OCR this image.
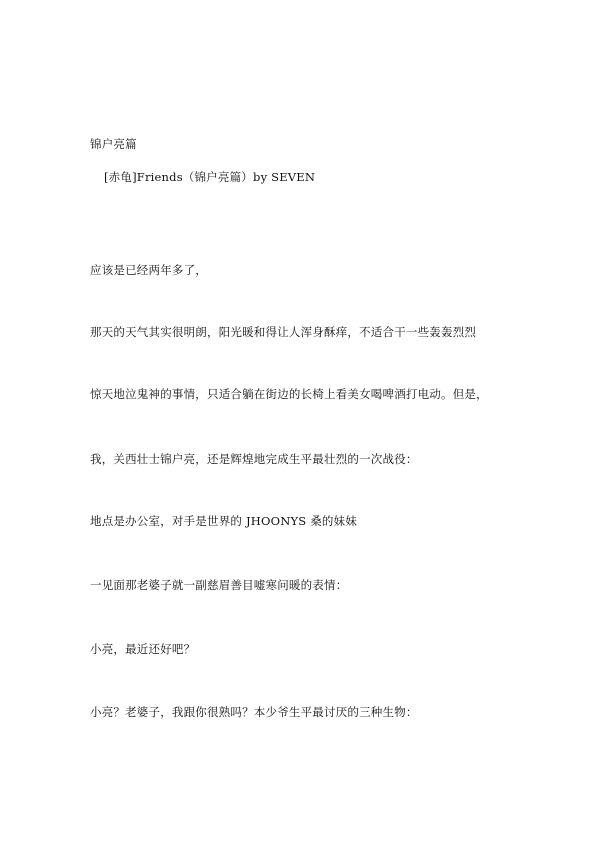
锦户亮篇
[赤龟]Friends（锦户亮篇）by SEVEN
应该是已经两年多了，
那天的天气其实很明朗，阳光暖和得让人浑身酥痒，不适合干一些轰轰烈烈
惊天地泣鬼神的事情，只适合躺在街边的长椅上看美女喝啤酒打电动。但是，
我，关西壮士锦户亮，还是辉煌地完成生平最壮烈的一次战役：
地点是办公室，对手是世界的 JHOONYS 桑的妹妹
一见面那老婆子就一副慈眉善目嘘寒问暖的表情：
小亮，最近还好吧？
小亮？老婆子，我跟你很熟吗？本少爷生平最讨厌的三种生物：
